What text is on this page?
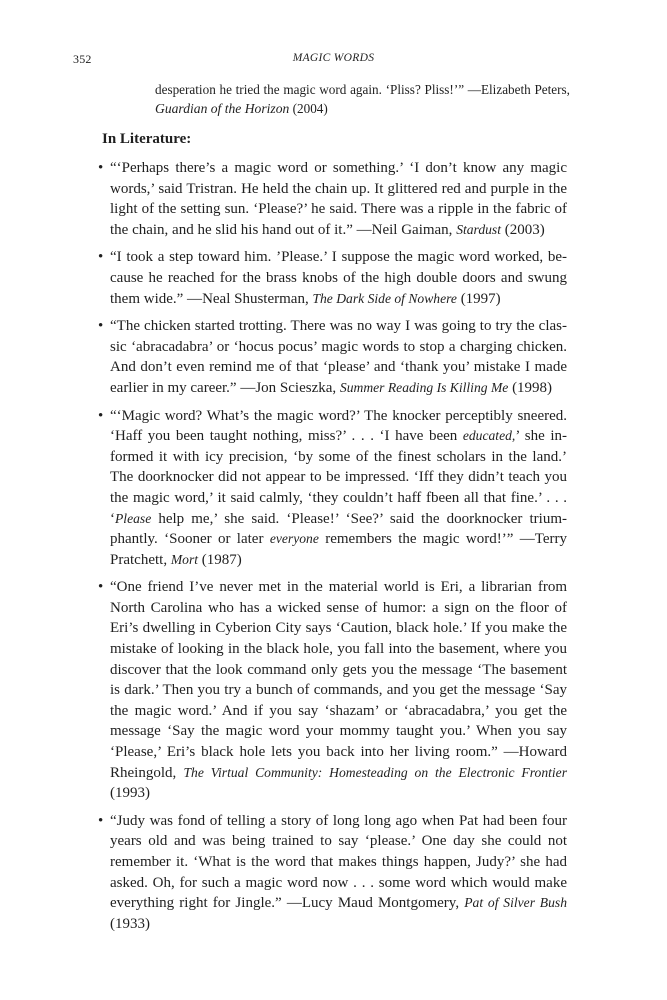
352	MAGIC WORDS
desperation he tried the magic word again. ‘Pliss? Pliss!’” —Elizabeth Peters, Guardian of the Horizon (2004)
In Literature:
• “‘Perhaps there’s a magic word or something.’ ‘I don’t know any magic words,’ said Tristran. He held the chain up. It glittered red and purple in the light of the setting sun. ‘Please?’ he said. There was a ripple in the fabric of the chain, and he slid his hand out of it.” —Neil Gaiman, Stardust (2003)
• “I took a step toward him. ’Please.’ I suppose the magic word worked, because he reached for the brass knobs of the high double doors and swung them wide.” —Neal Shusterman, The Dark Side of Nowhere (1997)
• “The chicken started trotting. There was no way I was going to try the classic ‘abracadabra’ or ‘hocus pocus’ magic words to stop a charging chicken. And don’t even remind me of that ‘please’ and ‘thank you’ mistake I made earlier in my career.” —Jon Scieszka, Summer Reading Is Killing Me (1998)
• “‘Magic word? What’s the magic word?’ The knocker perceptibly sneered. ‘Haff you been taught nothing, miss?’ . . . ‘I have been educated,’ she informed it with icy precision, ‘by some of the finest scholars in the land.’ The doorknocker did not appear to be impressed. ‘Iff they didn’t teach you the magic word,’ it said calmly, ‘they couldn’t haff fbeen all that fine.’ . . . ‘Please help me,’ she said. ‘Please!’ ‘See?’ said the doorknocker triumphantly. ‘Sooner or later everyone remembers the magic word!’” —Terry Pratchett, Mort (1987)
• “One friend I’ve never met in the material world is Eri, a librarian from North Carolina who has a wicked sense of humor: a sign on the floor of Eri’s dwelling in Cyberion City says ‘Caution, black hole.’ If you make the mistake of looking in the black hole, you fall into the basement, where you discover that the look command only gets you the message ‘The basement is dark.’ Then you try a bunch of commands, and you get the message ‘Say the magic word.’ And if you say ‘shazam’ or ‘abracadabra,’ you get the message ‘Say the magic word your mommy taught you.’ When you say ‘Please,’ Eri’s black hole lets you back into her living room.” —Howard Rheingold, The Virtual Community: Homesteading on the Electronic Frontier (1993)
• “Judy was fond of telling a story of long long ago when Pat had been four years old and was being trained to say ‘please.’ One day she could not remember it. ‘What is the word that makes things happen, Judy?’ she had asked. Oh, for such a magic word now . . . some word which would make everything right for Jingle.” —Lucy Maud Montgomery, Pat of Silver Bush (1933)
